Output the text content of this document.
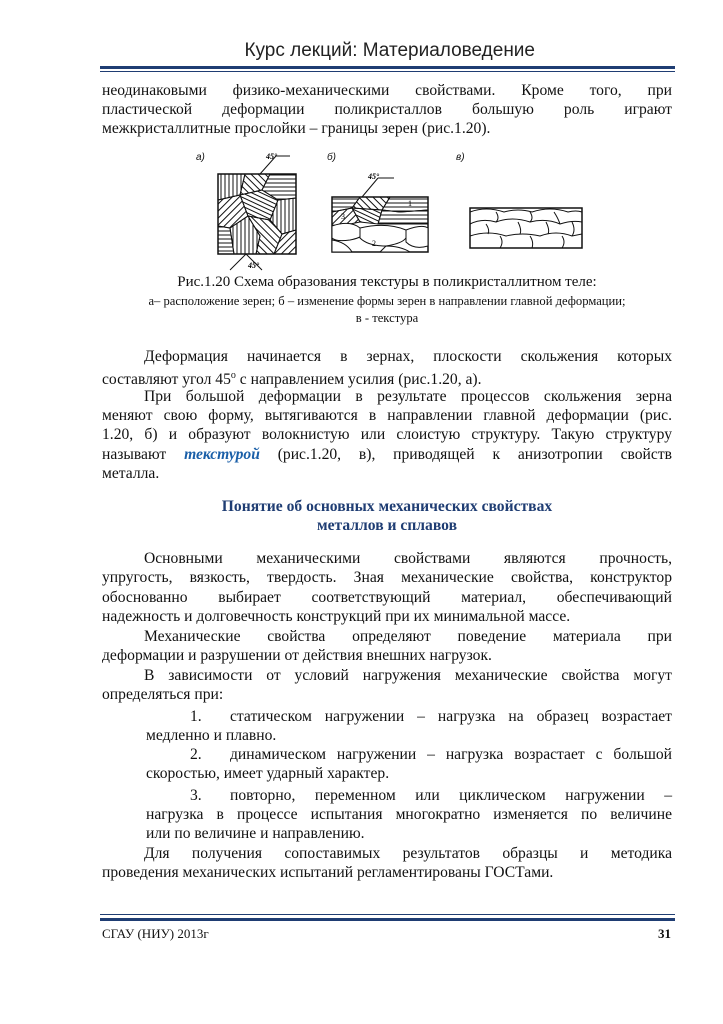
Курс лекций: Материаловедение
неодинаковыми физико-механическими свойствами. Кроме того, при
пластической деформации поликристаллов большую роль играют
межкристаллитные прослойки – границы зерен (рис.1.20).
а)	б)	в)
45°
45°
45°
1
2
3
Рис.1.20 Схема образования текстуры в поликристаллитном теле:
а– расположение зерен; б – изменение формы зерен в направлении главной деформации;
в - текстура
Деформация начинается в зернах, плоскости скольжения которых
составляют угол $45^о$ с направлением усилия (рис.1.20, а).
При большой деформации в результате процессов скольжения зерна
меняют свою форму, вытягиваются в направлении главной деформации (рис.
1.20, б) и образуют волокнистую или слоистую структуру. Такую структуру
называют текстурой (рис.1.20, в), приводящей к анизотропии свойств
металла.
Понятие об основных механических свойствах
металлов и сплавов
Основными механическими свойствами являются прочность,
упругость, вязкость, твердость. Зная механические свойства, конструктор
обоснованно выбирает соответствующий материал, обеспечивающий
надежность и долговечность конструкций при их минимальной массе.
Механические свойства определяют поведение материала при
деформации и разрушении от действия внешних нагрузок.
В зависимости от условий нагружения механические свойства могут
определяться при:
1. статическом нагружении – нагрузка на образец возрастает
медленно и плавно.
2. динамическом нагружении – нагрузка возрастает с большой
скоростью, имеет ударный характер.
3. повторно, переменном или циклическом нагружении –
нагрузка в процессе испытания многократно изменяется по величине
или по величине и направлению.
Для получения сопоставимых результатов образцы и методика
проведения механических испытаний регламентированы ГОСТами.
СГАУ (НИУ) 2013г	31
